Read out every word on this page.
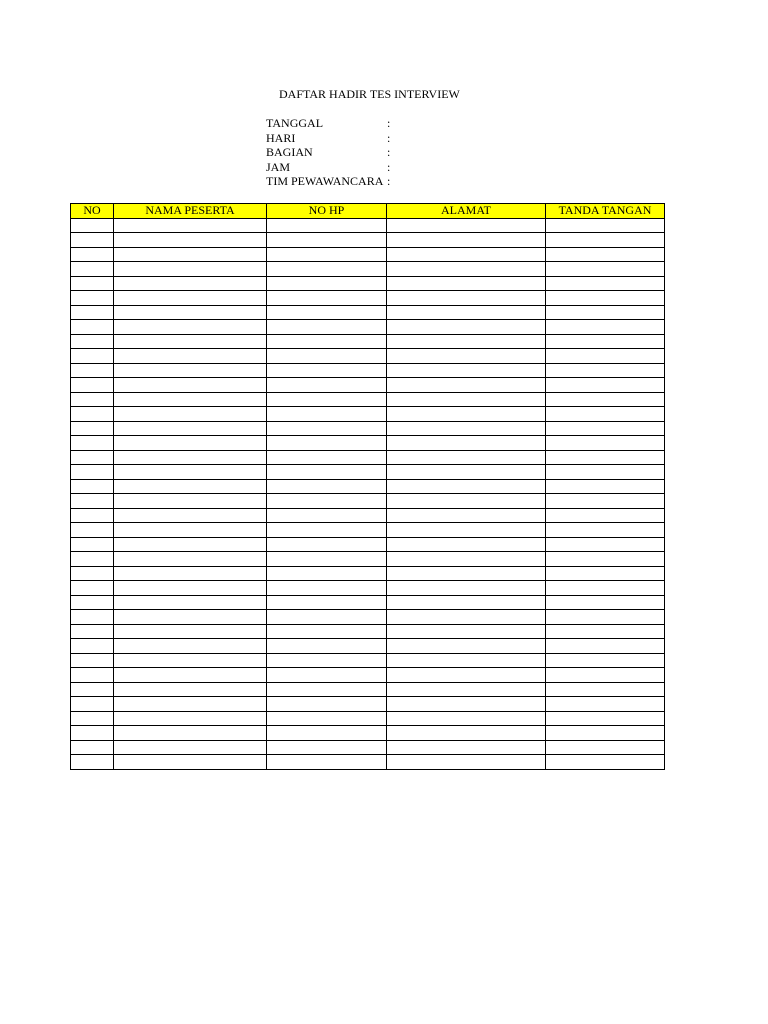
DAFTAR HADIR TES INTERVIEW
TANGGAL	:
HARI	:
BAGIAN	:
JAM	:
TIM PEWAWANCARA :
NO	NAMA PESERTA	NO HP	ALAMAT	TANDA TANGAN
